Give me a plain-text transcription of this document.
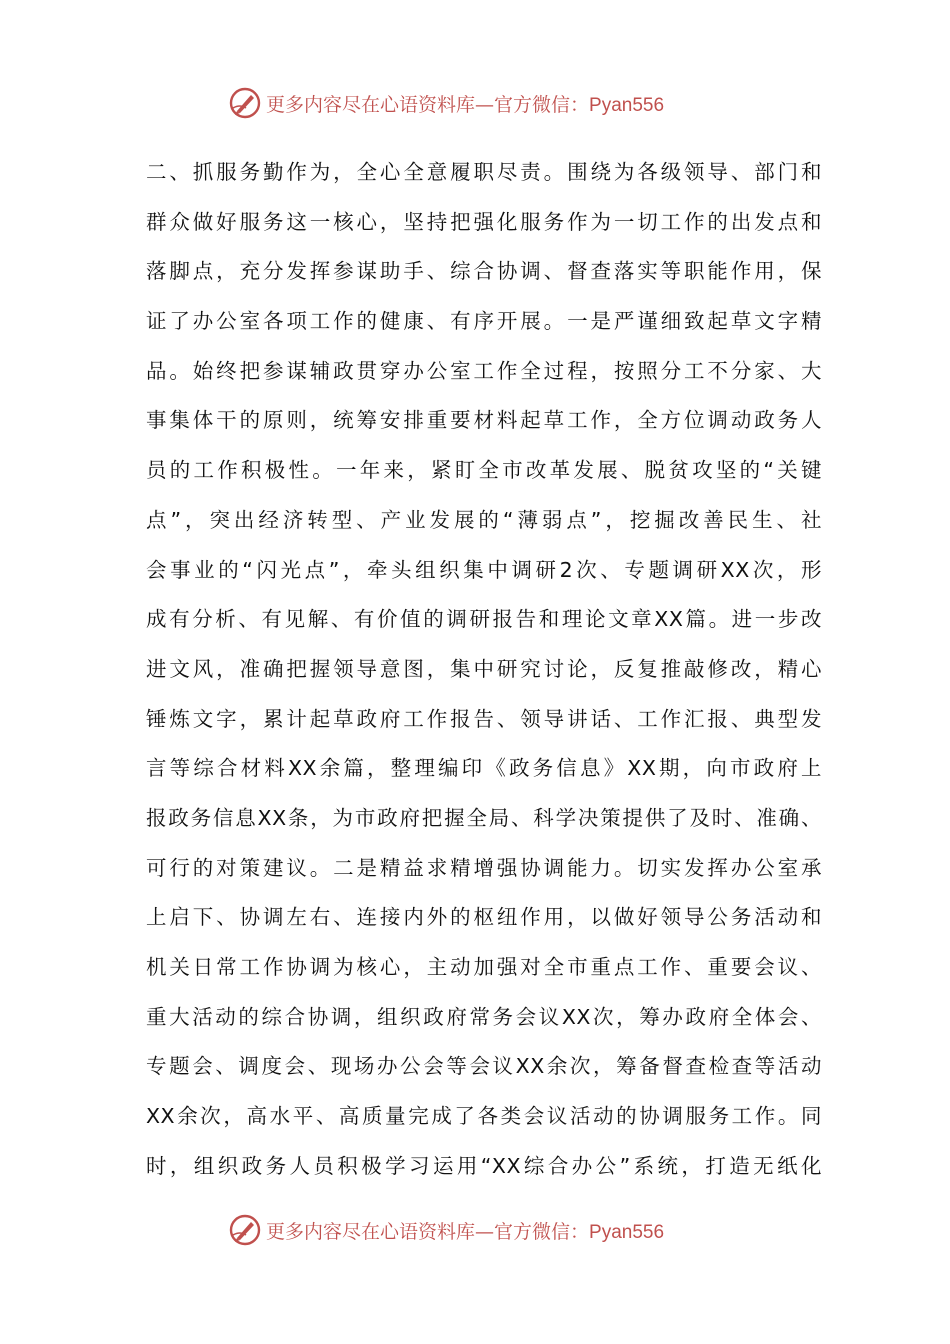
更多内容尽在心语资料库—官方微信：Pyan556
二、抓服务勤作为，全心全意履职尽责。围绕为各级领导、部门和
群众做好服务这一核心，坚持把强化服务作为一切工作的出发点和
落脚点，充分发挥参谋助手、综合协调、督查落实等职能作用，保
证了办公室各项工作的健康、有序开展。一是严谨细致起草文字精
品。始终把参谋辅政贯穿办公室工作全过程，按照分工不分家、大
事集体干的原则，统筹安排重要材料起草工作，全方位调动政务人
员的工作积极性。一年来，紧盯全市改革发展、脱贫攻坚的“关键
点”，突出经济转型、产业发展的“薄弱点”，挖掘改善民生、社
会事业的“闪光点”，牵头组织集中调研2次、专题调研XX次，形
成有分析、有见解、有价值的调研报告和理论文章XX篇。进一步改
进文风，准确把握领导意图，集中研究讨论，反复推敲修改，精心
锤炼文字，累计起草政府工作报告、领导讲话、工作汇报、典型发
言等综合材料XX余篇，整理编印《政务信息》XX期，向市政府上
报政务信息XX条，为市政府把握全局、科学决策提供了及时、准确、
可行的对策建议。二是精益求精增强协调能力。切实发挥办公室承
上启下、协调左右、连接内外的枢纽作用，以做好领导公务活动和
机关日常工作协调为核心，主动加强对全市重点工作、重要会议、
重大活动的综合协调，组织政府常务会议XX次，筹办政府全体会、
专题会、调度会、现场办公会等会议XX余次，筹备督查检查等活动
XX余次，高水平、高质量完成了各类会议活动的协调服务工作。同
时，组织政务人员积极学习运用“XX综合办公”系统，打造无纸化
更多内容尽在心语资料库—官方微信：Pyan556
